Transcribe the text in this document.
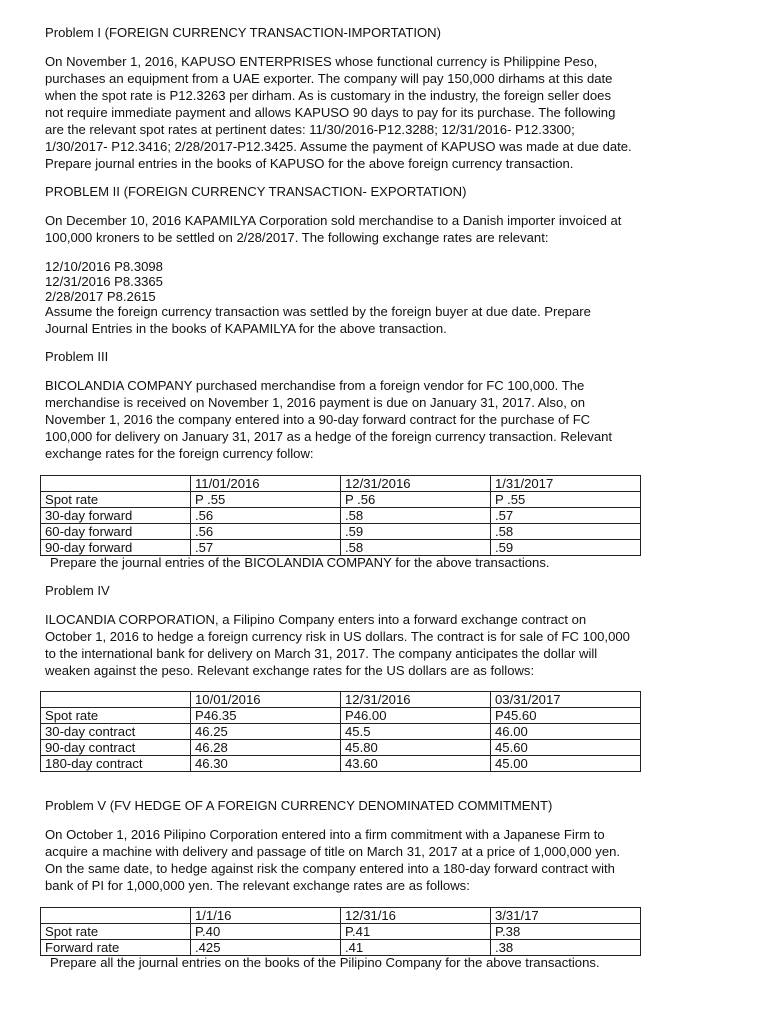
Problem I (FOREIGN CURRENCY TRANSACTION-IMPORTATION)
On November 1, 2016, KAPUSO ENTERPRISES whose functional currency is Philippine Peso,
purchases an equipment from a UAE exporter. The company will pay 150,000 dirhams at this date
when the spot rate is P12.3263 per dirham. As is customary in the industry, the foreign seller does
not require immediate payment and allows KAPUSO 90 days to pay for its purchase. The following
are the relevant spot rates at pertinent dates: 11/30/2016-P12.3288; 12/31/2016- P12.3300;
1/30/2017- P12.3416; 2/28/2017-P12.3425. Assume the payment of KAPUSO was made at due date.
Prepare journal entries in the books of KAPUSO for the above foreign currency transaction.
PROBLEM II (FOREIGN CURRENCY TRANSACTION- EXPORTATION)
On December 10, 2016 KAPAMILYA Corporation sold merchandise to a Danish importer invoiced at
100,000 kroners to be settled on 2/28/2017. The following exchange rates are relevant:
12/10/2016 P8.3098
12/31/2016 P8.3365
2/28/2017 P8.2615
Assume the foreign currency transaction was settled by the foreign buyer at due date. Prepare
Journal Entries in the books of KAPAMILYA for the above transaction.
Problem III
BICOLANDIA COMPANY purchased merchandise from a foreign vendor for FC 100,000. The
merchandise is received on November 1, 2016 payment is due on January 31, 2017. Also, on
November 1, 2016 the company entered into a 90-day forward contract for the purchase of FC
100,000 for delivery on January 31, 2017 as a hedge of the foreign currency transaction. Relevant
exchange rates for the foreign currency follow:
	11/01/2016	12/31/2016	1/31/2017
Spot rate	P .55	P .56	P .55
30-day forward	.56	.58	.57
60-day forward	.56	.59	.58
90-day forward	.57	.58	.59
Prepare the journal entries of the BICOLANDIA COMPANY for the above transactions.
Problem IV
ILOCANDIA CORPORATION, a Filipino Company enters into a forward exchange contract on
October 1, 2016 to hedge a foreign currency risk in US dollars. The contract is for sale of FC 100,000
to the international bank for delivery on March 31, 2017. The company anticipates the dollar will
weaken against the peso. Relevant exchange rates for the US dollars are as follows:
	10/01/2016	12/31/2016	03/31/2017
Spot rate	P46.35	P46.00	P45.60
30-day contract	46.25	45.5	46.00
90-day contract	46.28	45.80	45.60
180-day contract	46.30	43.60	45.00
Problem V (FV HEDGE OF A FOREIGN CURRENCY DENOMINATED COMMITMENT)
On October 1, 2016 Pilipino Corporation entered into a firm commitment with a Japanese Firm to
acquire a machine with delivery and passage of title on March 31, 2017 at a price of 1,000,000 yen.
On the same date, to hedge against risk the company entered into a 180-day forward contract with
bank of PI for 1,000,000 yen. The relevant exchange rates are as follows:
	1/1/16	12/31/16	3/31/17
Spot rate	P.40	P.41	P.38
Forward rate	.425	.41	.38
Prepare all the journal entries on the books of the Pilipino Company for the above transactions.
